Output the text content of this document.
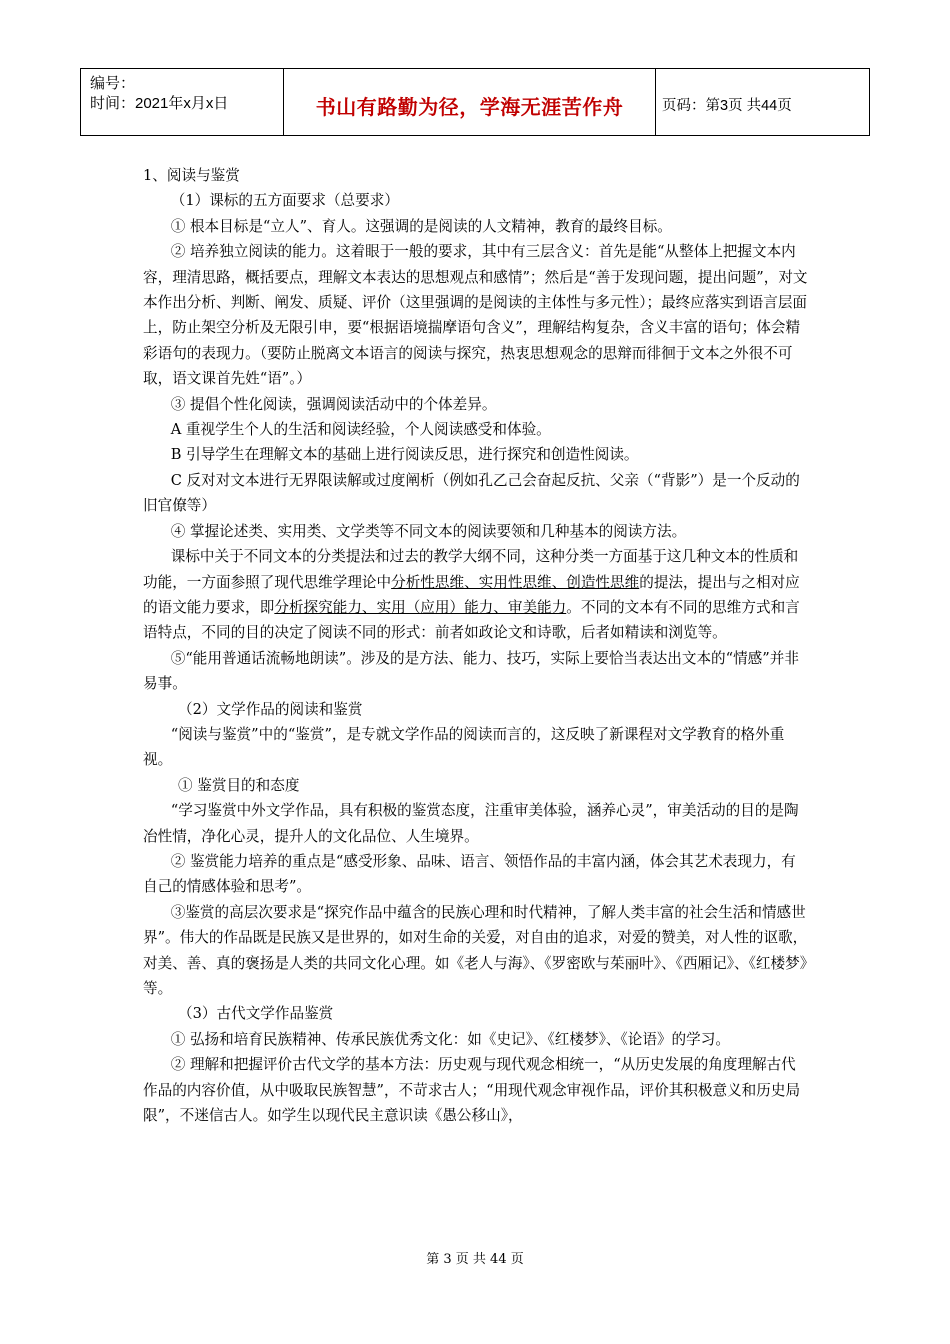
编号：
时间：2021年x月x日	书山有路勤为径，学海无涯苦作舟	页码：第3页 共44页

1、阅读与鉴赏

（1）课标的五方面要求（总要求）

① 根本目标是“立人”、育人。这强调的是阅读的人文精神，教育的最终目标。

② 培养独立阅读的能力。这着眼于一般的要求，其中有三层含义：首先是能“从整体上把握文本内容，理清思路，概括要点，理解文本表达的思想观点和感情”；然后是“善于发现问题，提出问题”，对文本作出分析、判断、阐发、质疑、评价（这里强调的是阅读的主体性与多元性）；最终应落实到语言层面上，防止架空分析及无限引申，要“根据语境揣摩语句含义”，理解结构复杂，含义丰富的语句；体会精彩语句的表现力。（要防止脱离文本语言的阅读与探究，热衷思想观念的思辩而徘徊于文本之外很不可取，语文课首先姓“语”。）

③ 提倡个性化阅读，强调阅读活动中的个体差异。

A 重视学生个人的生活和阅读经验，个人阅读感受和体验。

B 引导学生在理解文本的基础上进行阅读反思，进行探究和创造性阅读。

C 反对对文本进行无界限读解或过度阐析（例如孔乙己会奋起反抗、父亲（“背影”）是一个反动的旧官僚等）

④ 掌握论述类、实用类、文学类等不同文本的阅读要领和几种基本的阅读方法。

课标中关于不同文本的分类提法和过去的教学大纲不同，这种分类一方面基于这几种文本的性质和功能，一方面参照了现代思维学理论中分析性思维、实用性思维、创造性思维的提法，提出与之相对应的语文能力要求，即分析探究能力、实用（应用）能力、审美能力。不同的文本有不同的思维方式和言语特点，不同的目的决定了阅读不同的形式：前者如政论文和诗歌，后者如精读和浏览等。

⑤“能用普通话流畅地朗读”。涉及的是方法、能力、技巧，实际上要恰当表达出文本的“情感”并非易事。

（2）文学作品的阅读和鉴赏

“阅读与鉴赏”中的“鉴赏”，是专就文学作品的阅读而言的，这反映了新课程对文学教育的格外重视。

① 鉴赏目的和态度

“学习鉴赏中外文学作品，具有积极的鉴赏态度，注重审美体验，涵养心灵”，审美活动的目的是陶冶性情，净化心灵，提升人的文化品位、人生境界。

② 鉴赏能力培养的重点是“感受形象、品味、语言、领悟作品的丰富内涵，体会其艺术表现力，有自己的情感体验和思考”。

③鉴赏的高层次要求是“探究作品中蕴含的民族心理和时代精神，了解人类丰富的社会生活和情感世界”。伟大的作品既是民族又是世界的，如对生命的关爱，对自由的追求，对爱的赞美，对人性的讴歌，对美、善、真的褒扬是人类的共同文化心理。如《老人与海》、《罗密欧与茱丽叶》、《西厢记》、《红楼梦》等。

（3）古代文学作品鉴赏

① 弘扬和培育民族精神、传承民族优秀文化：如《史记》、《红楼梦》、《论语》的学习。

② 理解和把握评价古代文学的基本方法：历史观与现代观念相统一，“从历史发展的角度理解古代作品的内容价值，从中吸取民族智慧”，不苛求古人；“用现代观念审视作品，评价其积极意义和历史局限”，不迷信古人。如学生以现代民主意识读《愚公移山》，

第 3 页 共 44 页
